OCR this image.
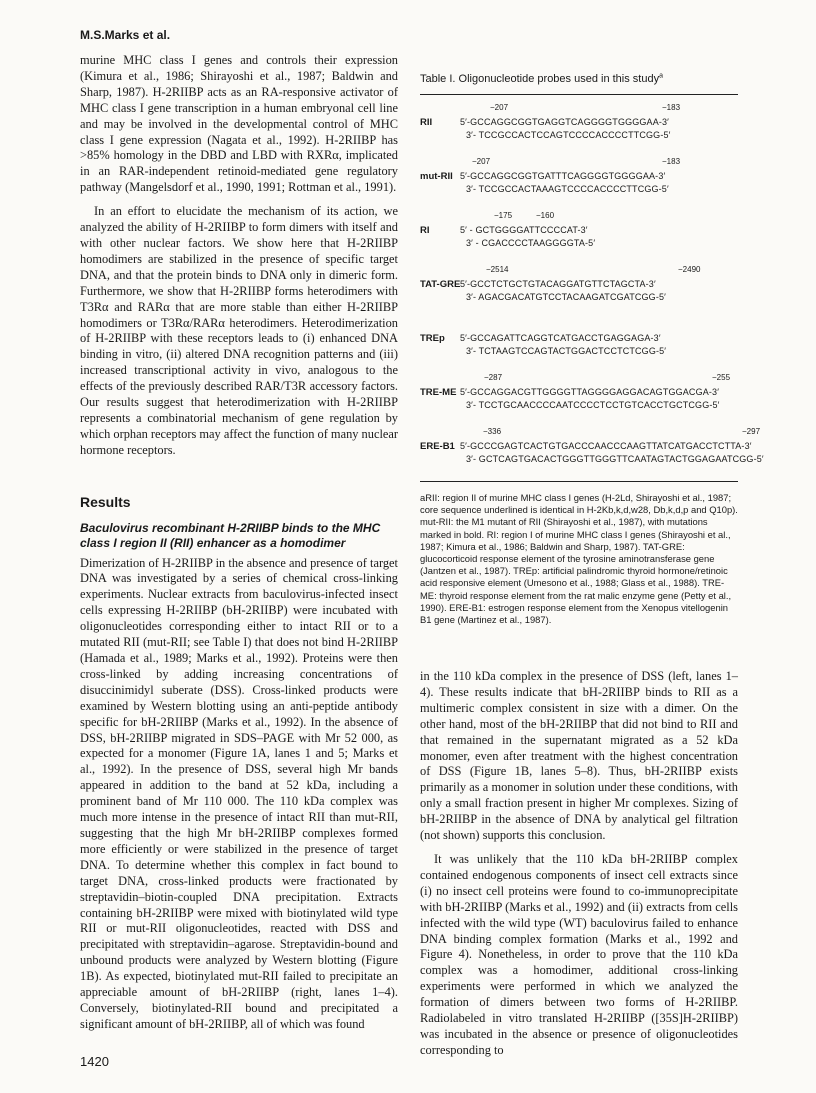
M.S.Marks et al.

murine MHC class I genes and controls their expression (Kimura et al., 1986; Shirayoshi et al., 1987; Baldwin and Sharp, 1987). H-2RIIBP acts as an RA-responsive activator of MHC class I gene transcription in a human embryonal cell line and may be involved in the developmental control of MHC class I gene expression (Nagata et al., 1992). H-2RIIBP has >85% homology in the DBD and LBD with RXRα, implicated in an RAR-independent retinoid-mediated gene regulatory pathway (Mangelsdorf et al., 1990, 1991; Rottman et al., 1991).

In an effort to elucidate the mechanism of its action, we analyzed the ability of H-2RIIBP to form dimers with itself and with other nuclear factors. We show here that H-2RIIBP homodimers are stabilized in the presence of specific target DNA, and that the protein binds to DNA only in dimeric form. Furthermore, we show that H-2RIIBP forms heterodimers with T3Rα and RARα that are more stable than either H-2RIIBP homodimers or T3Rα/RARα heterodimers. Heterodimerization of H-2RIIBP with these receptors leads to (i) enhanced DNA binding in vitro, (ii) altered DNA recognition patterns and (iii) increased transcriptional activity in vivo, analogous to the effects of the previously described RAR/T3R accessory factors. Our results suggest that heterodimerization with H-2RIIBP represents a combinatorial mechanism of gene regulation by which orphan receptors may affect the function of many nuclear hormone receptors.

Results
Baculovirus recombinant H-2RIIBP binds to the MHC class I region II (RII) enhancer as a homodimer

Dimerization of H-2RIIBP in the absence and presence of target DNA was investigated by a series of chemical cross-linking experiments. Nuclear extracts from baculovirus-infected insect cells expressing H-2RIIBP (bH-2RIIBP) were incubated with oligonucleotides corresponding either to intact RII or to a mutated RII (mut-RII; see Table I) that does not bind H-2RIIBP (Hamada et al., 1989; Marks et al., 1992). Proteins were then cross-linked by adding increasing concentrations of disuccinimidyl suberate (DSS). Cross-linked products were examined by Western blotting using an anti-peptide antibody specific for bH-2RIIBP (Marks et al., 1992). In the absence of DSS, bH-2RIIBP migrated in SDS–PAGE with Mr 52 000, as expected for a monomer (Figure 1A, lanes 1 and 5; Marks et al., 1992). In the presence of DSS, several high Mr bands appeared in addition to the band at 52 kDa, including a prominent band of Mr 110 000. The 110 kDa complex was much more intense in the presence of intact RII than mut-RII, suggesting that the high Mr bH-2RIIBP complexes formed more efficiently or were stabilized in the presence of target DNA. To determine whether this complex in fact bound to target DNA, cross-linked products were fractionated by streptavidin–biotin-coupled DNA precipitation. Extracts containing bH-2RIIBP were mixed with biotinylated wild type RII or mut-RII oligonucleotides, reacted with DSS and precipitated with streptavidin–agarose. Streptavidin-bound and unbound products were analyzed by Western blotting (Figure 1B). As expected, biotinylated mut-RII failed to precipitate an appreciable amount of bH-2RIIBP (right, lanes 1–4). Conversely, biotinylated-RII bound and precipitated a significant amount of bH-2RIIBP, all of which was found

Table I. Oligonucleotide probes used in this study$^a$
RII
−207	−183
5′-GCCAGGCGGTGAGGTCAGGGGTGGGGAA-3′
3′- TCCGCCACTCCAGTCCCCACCCCTTCGG-5′
mut-RII
−207	−183
5′-GCCAGGCGGTGATTTCAGGGGTGGGGAA-3′
3′- TCCGCCACTAAAGTCCCCACCCCTTCGG-5′
RI
−175	−160
5′ - GCTGGGGATTCCCCAT-3′
3′ - CGACCCCTAAGGGGTA-5′
TAT-GRE
−2514	−2490
5′-GCCTCTGCTGTACAGGATGTTCTAGCTA-3′
3′- AGACGACATGTCCTACAAGATCGATCGG-5′
TREp 5′-GCCAGATTCAGGTCATGACCTGAGGAGA-3′
3′- TCTAAGTCCAGTACTGGACTCCTCTCGG-5′
TRE-ME
−287	−255
5′-GCCAGGACGTTGGGGTTAGGGGAGGACAGTGGACGA-3′
3′- TCCTGCAACCCCAATCCCCTCCTGTCACCTGCTCGG-5′
ERE-B1
−336	−297
5′-GCCCGAGTCACTGTGACCCAACCCAAGTTATCATGACCTCTTA-3′
3′- GCTCAGTGACACTGGGTTGGGTTCAATAGTACTGGAGAATCGG-5′
aRII: region II of murine MHC class I genes (H-2Ld, Shirayoshi et al., 1987; core sequence underlined is identical in H-2Kb,k,d,w28, Db,k,d,p and Q10p). mut-RII: the M1 mutant of RII (Shirayoshi et al., 1987), with mutations marked in bold. RI: region I of murine MHC class I genes (Shirayoshi et al., 1987; Kimura et al., 1986; Baldwin and Sharp, 1987). TAT-GRE: glucocorticoid response element of the tyrosine aminotransferase gene (Jantzen et al., 1987). TREp: artificial palindromic thyroid hormone/retinoic acid responsive element (Umesono et al., 1988; Glass et al., 1988). TRE-ME: thyroid response element from the rat malic enzyme gene (Petty et al., 1990). ERE-B1: estrogen response element from the Xenopus vitellogenin B1 gene (Martinez et al., 1987).

in the 110 kDa complex in the presence of DSS (left, lanes 1–4). These results indicate that bH-2RIIBP binds to RII as a multimeric complex consistent in size with a dimer. On the other hand, most of the bH-2RIIBP that did not bind to RII and that remained in the supernatant migrated as a 52 kDa monomer, even after treatment with the highest concentration of DSS (Figure 1B, lanes 5–8). Thus, bH-2RIIBP exists primarily as a monomer in solution under these conditions, with only a small fraction present in higher Mr complexes. Sizing of bH-2RIIBP in the absence of DNA by analytical gel filtration (not shown) supports this conclusion.

It was unlikely that the 110 kDa bH-2RIIBP complex contained endogenous components of insect cell extracts since (i) no insect cell proteins were found to co-immunoprecipitate with bH-2RIIBP (Marks et al., 1992) and (ii) extracts from cells infected with the wild type (WT) baculovirus failed to enhance DNA binding complex formation (Marks et al., 1992 and Figure 4). Nonetheless, in order to prove that the 110 kDa complex was a homodimer, additional cross-linking experiments were performed in which we analyzed the formation of dimers between two forms of H-2RIIBP. Radiolabeled in vitro translated H-2RIIBP ([35S]H-2RIIBP) was incubated in the absence or presence of oligonucleotides corresponding to

1420
